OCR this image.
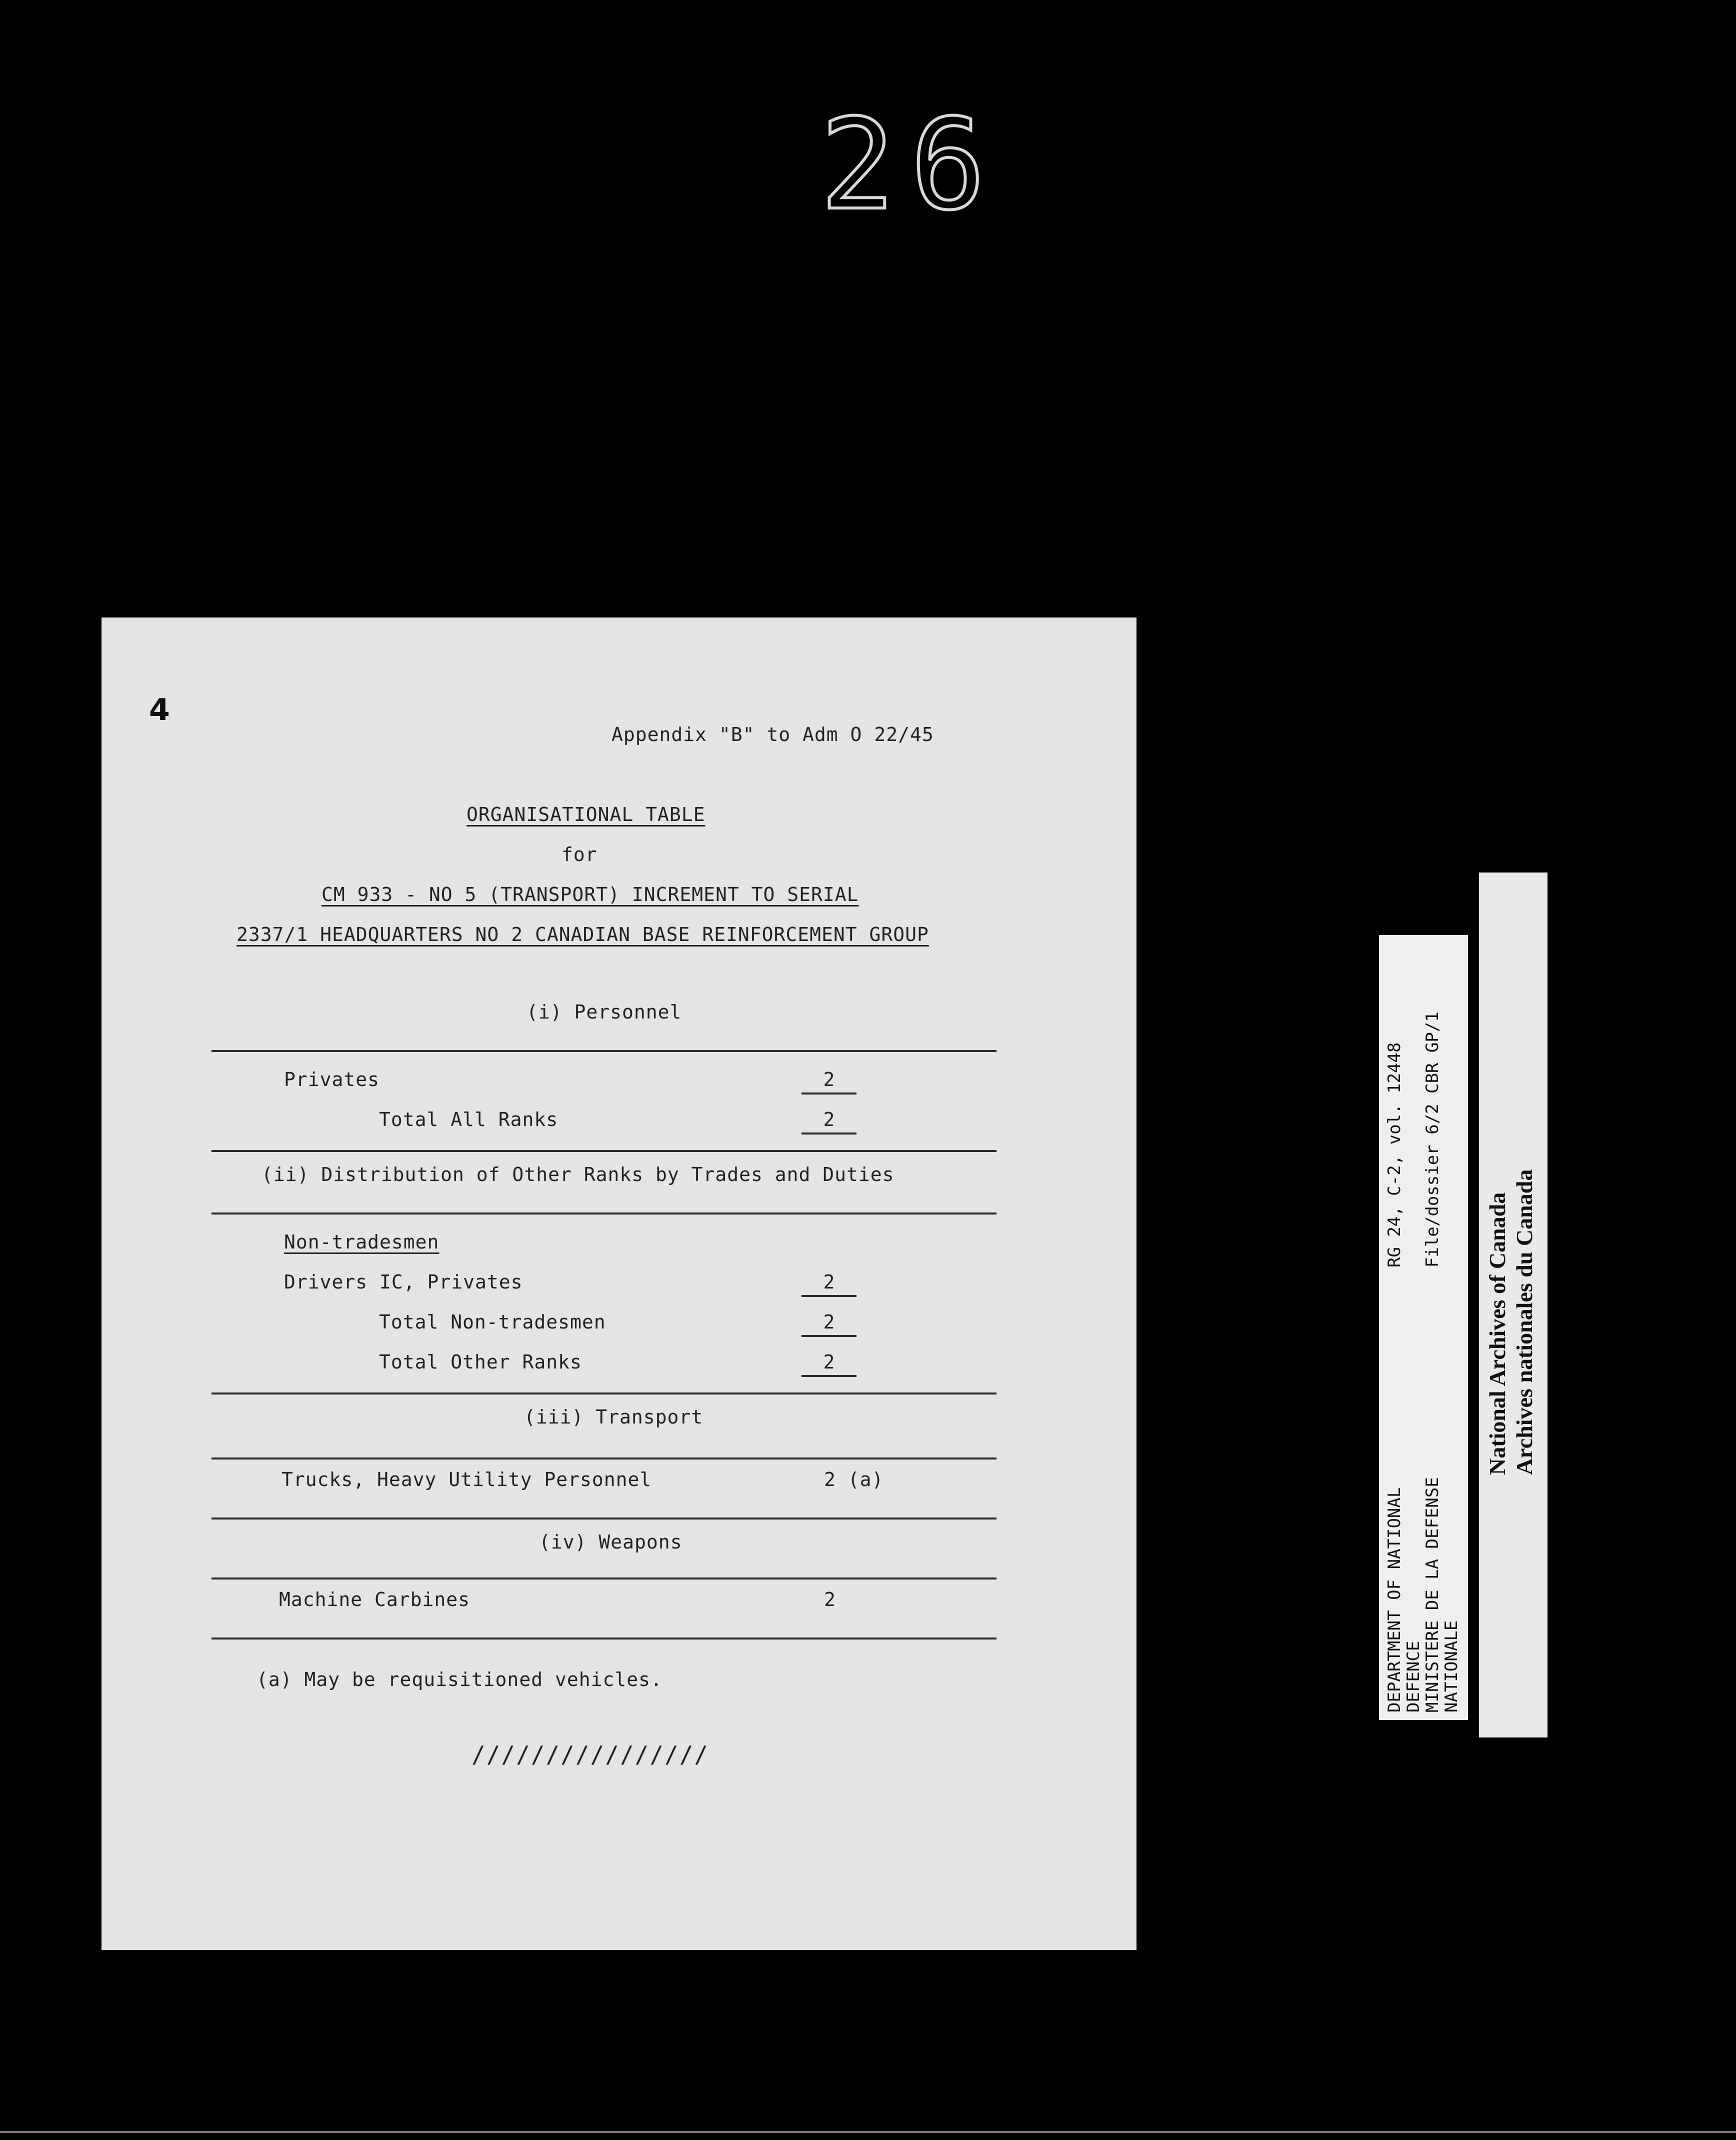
26
4
Appendix "B" to Adm O 22/45
ORGANISATIONAL TABLE
for
CM 933 - NO 5 (TRANSPORT) INCREMENT TO SERIAL
2337/1 HEADQUARTERS NO 2 CANADIAN BASE REINFORCEMENT GROUP
(i) Personnel
Privates	2
Total All Ranks	2
(ii) Distribution of Other Ranks by Trades and Duties
Non-tradesmen
Drivers IC, Privates	2
Total Non-tradesmen	2
Total Other Ranks	2
(iii) Transport
Trucks, Heavy Utility Personnel	2 (a)
(iv) Weapons
Machine Carbines	2
(a) May be requisitioned vehicles.
////////////////
DEPARTMENT OF NATIONAL
DEFENCE
MINISTERE DE LA DEFENSE
NATIONALE
RG 24, C-2, vol. 12448 File/dossier 6/2 CBR GP/1
National Archives of Canada Archives nationales du Canada
